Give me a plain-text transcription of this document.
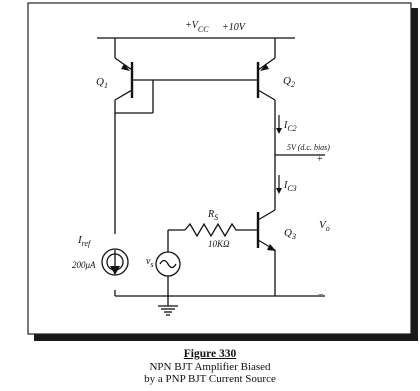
$+V_{CC} +10V$
$Q_1$	$Q_2$
$Q_3$
$I_{C2}$
$I_{C3}$
5V (d.c. bias)
+
$R_S$
10KΩ
$v_s$
$I_{ref}$
200μA
$V_o$
−
Figure 330
NPN BJT Amplifier Biased
by a PNP BJT Current Source
